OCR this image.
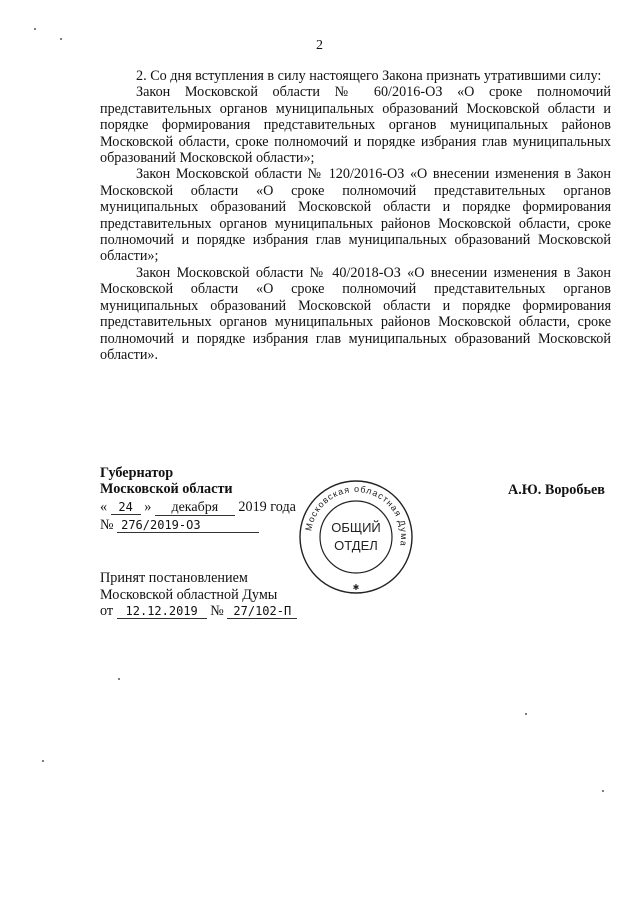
2

2. Со дня вступления в силу настоящего Закона признать утратившими силу:

Закон Московской области № 60/2016-ОЗ «О сроке полномочий представительных органов муниципальных образований Московской области и порядке формирования представительных органов муниципальных районов Московской области, сроке полномочий и порядке избрания глав муниципальных образований Московской области»;

Закон Московской области № 120/2016-ОЗ «О внесении изменения в Закон Московской области «О сроке полномочий представительных органов муниципальных образований Московской области и порядке формирования представительных органов муниципальных районов Московской области, сроке полномочий и порядке избрания глав муниципальных образований Московской области»;

Закон Московской области № 40/2018-ОЗ «О внесении изменения в Закон Московской области «О сроке полномочий представительных органов муниципальных образований Московской области и порядке формирования представительных органов муниципальных районов Московской области, сроке полномочий и порядке избрания глав муниципальных образований Московской области».

Губернатор
Московской области	А.Ю. Воробьев
« 24 » декабря 2019 года
№ 276/2019-ОЗ
Принят постановлением
Московской областной Думы
от 12.12.2019 № 27/102-П
Московская областная Дума
ОБЩИЙ
ОТДЕЛ
✱
